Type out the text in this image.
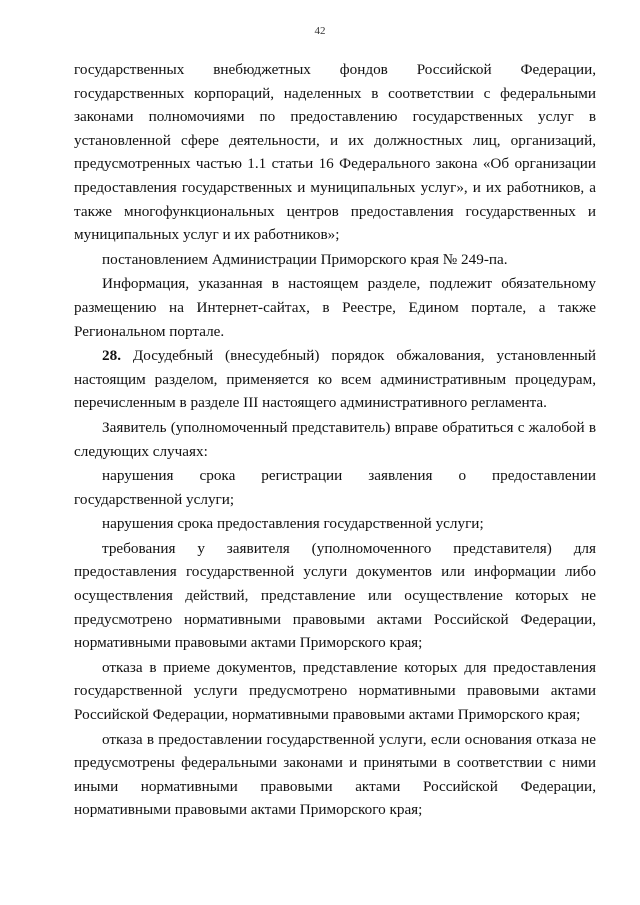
42

государственных внебюджетных фондов Российской Федерации, государственных корпораций, наделенных в соответствии с федеральными законами полномочиями по предоставлению государственных услуг в установленной сфере деятельности, и их должностных лиц, организаций, предусмотренных частью 1.1 статьи 16 Федерального закона «Об организации предоставления государственных и муниципальных услуг», и их работников, а также многофункциональных центров предоставления государственных и муниципальных услуг и их работников»;

постановлением Администрации Приморского края № 249-па.

Информация, указанная в настоящем разделе, подлежит обязательному размещению на Интернет-сайтах, в Реестре, Едином портале, а также Региональном портале.

28. Досудебный (внесудебный) порядок обжалования, установленный настоящим разделом, применяется ко всем административным процедурам, перечисленным в разделе III настоящего административного регламента.

Заявитель (уполномоченный представитель) вправе обратиться с жалобой в следующих случаях:

нарушения срока регистрации заявления о предоставлении государственной услуги;

нарушения срока предоставления государственной услуги;

требования у заявителя (уполномоченного представителя) для предоставления государственной услуги документов или информации либо осуществления действий, представление или осуществление которых не предусмотрено нормативными правовыми актами Российской Федерации, нормативными правовыми актами Приморского края;

отказа в приеме документов, представление которых для предоставления государственной услуги предусмотрено нормативными правовыми актами Российской Федерации, нормативными правовыми актами Приморского края;

отказа в предоставлении государственной услуги, если основания отказа не предусмотрены федеральными законами и принятыми в соответствии с ними иными нормативными правовыми актами Российской Федерации, нормативными правовыми актами Приморского края;
